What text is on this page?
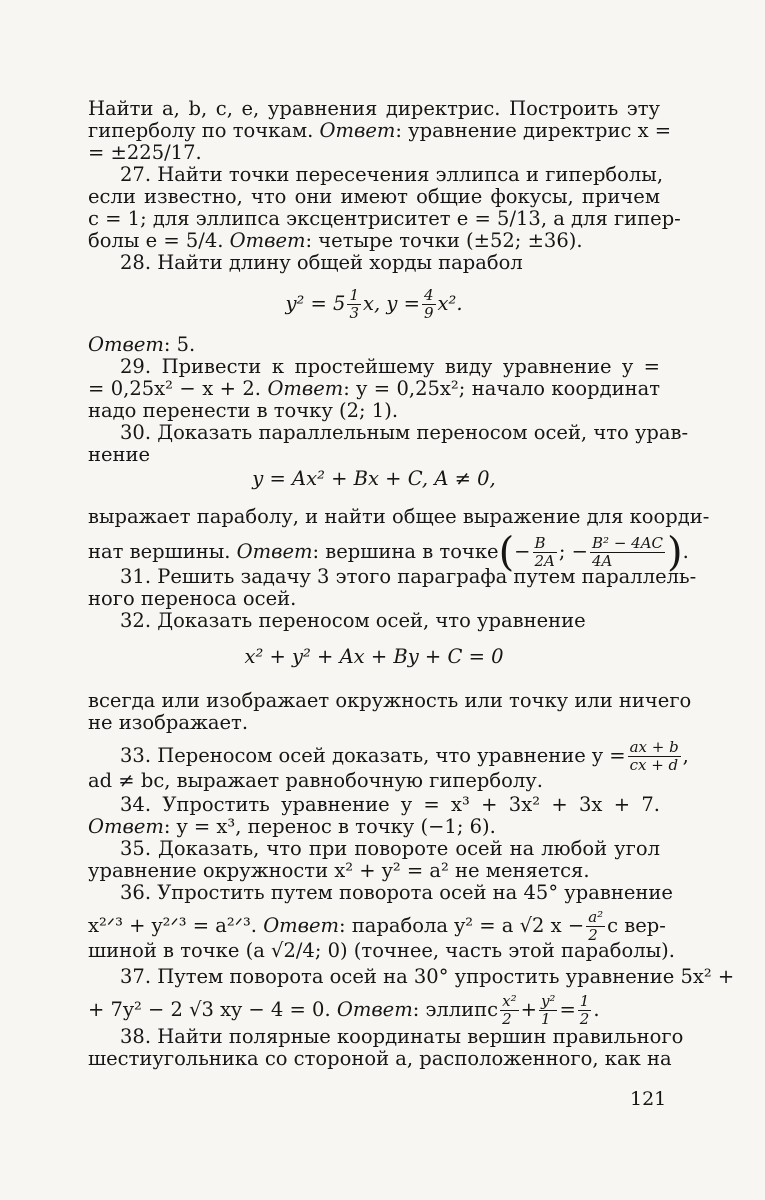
Найти a, b, c, e, уравнения директрис. Построить эту
гиперболу по точкам. Ответ: уравнение директрис x =
= ±225/17.
27. Найти точки пересечения эллипса и гиперболы,
если известно, что они имеют общие фокусы, причем
c = 1; для эллипса эксцентриситет e = 5/13, а для гипер-
болы e = 5/4. Ответ: четыре точки (±52; ±36).
28. Найти длину общей хорды парабол
$y^2 = 5 \frac{1}{3} x$, $y = \frac{4}{9} x^2$.
Ответ: 5.
29. Привести к простейшему виду уравнение y =
= 0,25x² − x + 2. Ответ: y = 0,25x²; начало координат
надо перенести в точку (2; 1).
30. Доказать параллельным переносом осей, что урав-
нение
y = Ax² + Bx + C, A ≠ 0,
выражает параболу, и найти общее выражение для коорди-
нат вершины. Ответ: вершина в точке(− $\frac{B}{2A}$ ; − $\frac{\text{B² − 4AC}}{4A}$ ).
31. Решить задачу 3 этого параграфа путем параллель-
ного переноса осей.
32. Доказать переносом осей, что уравнение
x² + y² + Ax + By + C = 0
всегда или изображает окружность или точку или ничего
не изображает.
33. Переносом осей доказать, что уравнение $y = \frac{ax + b}{cx + d}$ ,
ad ≠ bc, выражает равнобочную гиперболу.
34. Упростить уравнение y = x³ + 3x² + 3x + 7.
Ответ: y = x³, перенос в точку (−1; 6).
35. Доказать, что при повороте осей на любой угол
уравнение окружности x² + y² = a² не меняется.
36. Упростить путем поворота осей на 45° уравнение
x²ᐟ³ + y²ᐟ³ = a²ᐟ³. Ответ: парабола y² = a √2 $x - \frac{\text{a²}}{2}$ с вер-
шиной в точке (a √2/4; 0) (точнее, часть этой параболы).
37. Путем поворота осей на 30° упростить уравнение 5x² +
+ 7y² − 2 √3 xy − 4 = 0. Ответ: эллипс $\frac{\text{x²}}{2} + \frac{\text{y²}}{1} = \frac{1}{2}$ .
38. Найти полярные координаты вершин правильного
шестиугольника со стороной a, расположенного, как на
121
